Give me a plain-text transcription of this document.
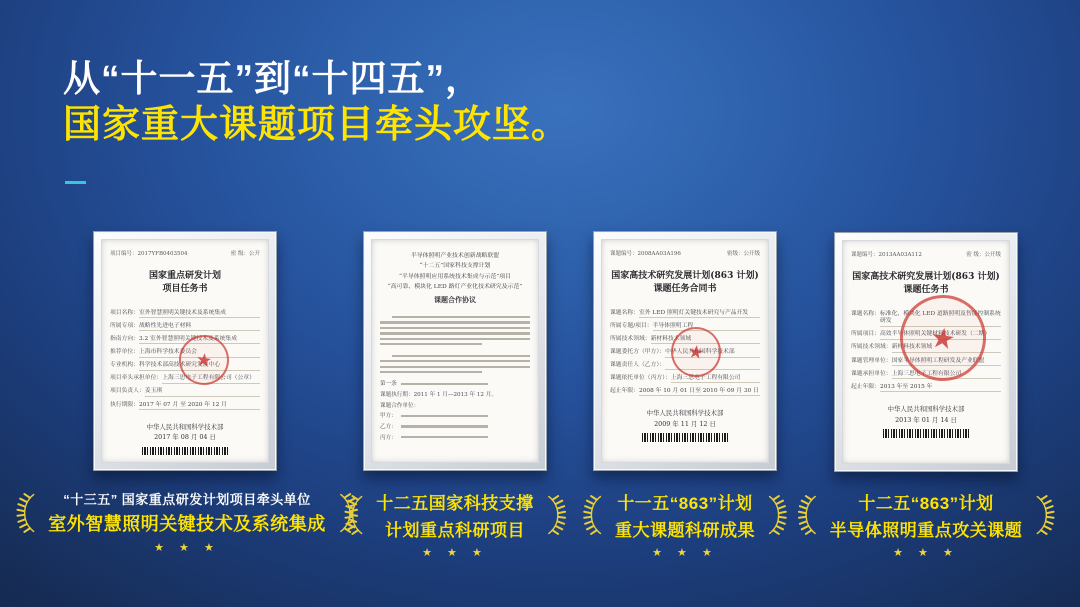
从“十一五”到“十四五”，
国家重大课题项目牵头攻坚。
项目编号：2017YFB0403504	密 级：公开
国家重点研发计划
项目任务书
项目名称： 室外智慧照明关键技术及系统集成
所属专项： 战略性先进电子材料
指南方向： 3.2 室外智慧照明关键技术及系统集成
推荐单位： 上海市科学技术委员会
专业机构： 科学技术部高技术研究发展中心
项目牵头承担单位： 上海三思电子工程有限公司（公章）
项目负责人： 姜玉琪
执行期限： 2017 年 07 月 至 2020 年 12 月
中华人民共和国科学技术部
2017 年 08 月 04 日
★
半导体照明产业技术创新战略联盟
“十二五”国家科技支撑计划
“半导体照明应用系统技术集成与示范”项目
“高可靠、模块化 LED 路灯产业化技术研究及示范”
课题合作协议
第一条
课题执行期：2011 年 1 月—2013 年 12 月。
课题合作单位：
甲方：
乙方：
丙方：
课题编号：2008AA03A196	密级：公开级
国家高技术研究发展计划(863 计划)
课题任务合同书
课题名称： 室外 LED 照明灯关键技术研究与产品开发
所属专题/项目： 半导体照明工程
所属技术领域： 新材料技术领域
课题委托方（甲方）： 中华人民共和国科学技术部
课题责任人（乙方）：
课题依托单位（丙方）： 上海三思电子工程有限公司
起止年限： 2008 年 10 月 01 日至 2010 年 09 月 30 日
中华人民共和国科学技术部
2009 年 11 月 12 日
★
课题编号：2013AA03A112	密 级：公开级
国家高技术研究发展计划(863 计划)
课题任务书
课题名称： 标准化、模块化 LED 道路照明及智能控制系统研发
所属项目： 高效半导体照明关键材料技术研发（二期）
所属技术领域： 新材料技术领域
课题管理单位： 国家半导体照明工程研发及产业联盟
课题承担单位： 上海三思电子工程有限公司
起止年限： 2013 年至 2015 年
中华人民共和国科学技术部
2013 年 01 月 14 日
★
“十三五” 国家重点研发计划项目牵头单位
室外智慧照明关键技术及系统集成
★ ★ ★
十二五国家科技支撑
计划重点科研项目
★ ★ ★
十一五“863”计划
重大课题科研成果
★ ★ ★
十二五“863”计划
半导体照明重点攻关课题
★ ★ ★
